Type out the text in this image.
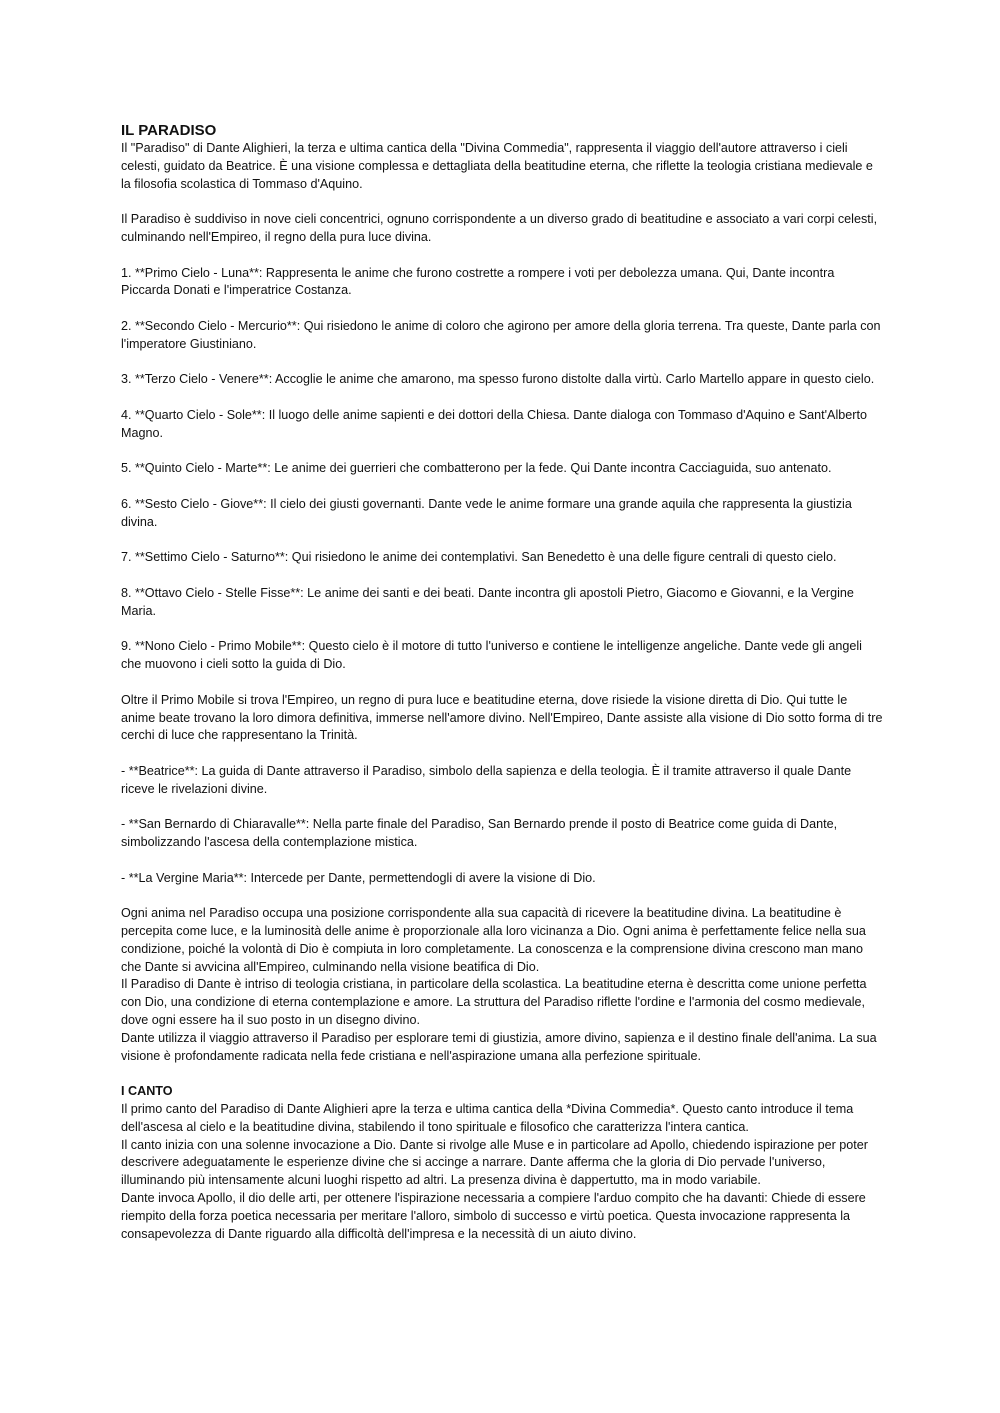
IL PARADISO

Il "Paradiso" di Dante Alighieri, la terza e ultima cantica della "Divina Commedia", rappresenta il viaggio dell'autore attraverso i cieli celesti, guidato da Beatrice. È una visione complessa e dettagliata della beatitudine eterna, che riflette la teologia cristiana medievale e la filosofia scolastica di Tommaso d'Aquino.

Il Paradiso è suddiviso in nove cieli concentrici, ognuno corrispondente a un diverso grado di beatitudine e associato a vari corpi celesti, culminando nell'Empireo, il regno della pura luce divina.

1. **Primo Cielo - Luna**: Rappresenta le anime che furono costrette a rompere i voti per debolezza umana. Qui, Dante incontra Piccarda Donati e l'imperatrice Costanza.

2. **Secondo Cielo - Mercurio**: Qui risiedono le anime di coloro che agirono per amore della gloria terrena. Tra queste, Dante parla con l'imperatore Giustiniano.

3. **Terzo Cielo - Venere**: Accoglie le anime che amarono, ma spesso furono distolte dalla virtù. Carlo Martello appare in questo cielo.

4. **Quarto Cielo - Sole**: Il luogo delle anime sapienti e dei dottori della Chiesa. Dante dialoga con Tommaso d'Aquino e Sant'Alberto Magno.

5. **Quinto Cielo - Marte**: Le anime dei guerrieri che combatterono per la fede. Qui Dante incontra Cacciaguida, suo antenato.

6. **Sesto Cielo - Giove**: Il cielo dei giusti governanti. Dante vede le anime formare una grande aquila che rappresenta la giustizia divina.

7. **Settimo Cielo - Saturno**: Qui risiedono le anime dei contemplativi. San Benedetto è una delle figure centrali di questo cielo.

8. **Ottavo Cielo - Stelle Fisse**: Le anime dei santi e dei beati. Dante incontra gli apostoli Pietro, Giacomo e Giovanni, e la Vergine Maria.

9. **Nono Cielo - Primo Mobile**: Questo cielo è il motore di tutto l'universo e contiene le intelligenze angeliche. Dante vede gli angeli che muovono i cieli sotto la guida di Dio.

Oltre il Primo Mobile si trova l'Empireo, un regno di pura luce e beatitudine eterna, dove risiede la visione diretta di Dio. Qui tutte le anime beate trovano la loro dimora definitiva, immerse nell'amore divino. Nell'Empireo, Dante assiste alla visione di Dio sotto forma di tre cerchi di luce che rappresentano la Trinità.

- **Beatrice**: La guida di Dante attraverso il Paradiso, simbolo della sapienza e della teologia. È il tramite attraverso il quale Dante riceve le rivelazioni divine.

- **San Bernardo di Chiaravalle**: Nella parte finale del Paradiso, San Bernardo prende il posto di Beatrice come guida di Dante, simbolizzando l'ascesa della contemplazione mistica.

- **La Vergine Maria**: Intercede per Dante, permettendogli di avere la visione di Dio.

Ogni anima nel Paradiso occupa una posizione corrispondente alla sua capacità di ricevere la beatitudine divina. La beatitudine è percepita come luce, e la luminosità delle anime è proporzionale alla loro vicinanza a Dio. Ogni anima è perfettamente felice nella sua condizione, poiché la volontà di Dio è compiuta in loro completamente. La conoscenza e la comprensione divina crescono man mano che Dante si avvicina all'Empireo, culminando nella visione beatifica di Dio.

Il Paradiso di Dante è intriso di teologia cristiana, in particolare della scolastica. La beatitudine eterna è descritta come unione perfetta con Dio, una condizione di eterna contemplazione e amore. La struttura del Paradiso riflette l'ordine e l'armonia del cosmo medievale, dove ogni essere ha il suo posto in un disegno divino.

Dante utilizza il viaggio attraverso il Paradiso per esplorare temi di giustizia, amore divino, sapienza e il destino finale dell'anima. La sua visione è profondamente radicata nella fede cristiana e nell'aspirazione umana alla perfezione spirituale.

I CANTO

Il primo canto del Paradiso di Dante Alighieri apre la terza e ultima cantica della *Divina Commedia*. Questo canto introduce il tema dell'ascesa al cielo e la beatitudine divina, stabilendo il tono spirituale e filosofico che caratterizza l'intera cantica.

Il canto inizia con una solenne invocazione a Dio. Dante si rivolge alle Muse e in particolare ad Apollo, chiedendo ispirazione per poter descrivere adeguatamente le esperienze divine che si accinge a narrare. Dante afferma che la gloria di Dio pervade l'universo, illuminando più intensamente alcuni luoghi rispetto ad altri. La presenza divina è dappertutto, ma in modo variabile.

Dante invoca Apollo, il dio delle arti, per ottenere l'ispirazione necessaria a compiere l'arduo compito che ha davanti: Chiede di essere riempito della forza poetica necessaria per meritare l'alloro, simbolo di successo e virtù poetica. Questa invocazione rappresenta la consapevolezza di Dante riguardo alla difficoltà dell'impresa e la necessità di un aiuto divino.
